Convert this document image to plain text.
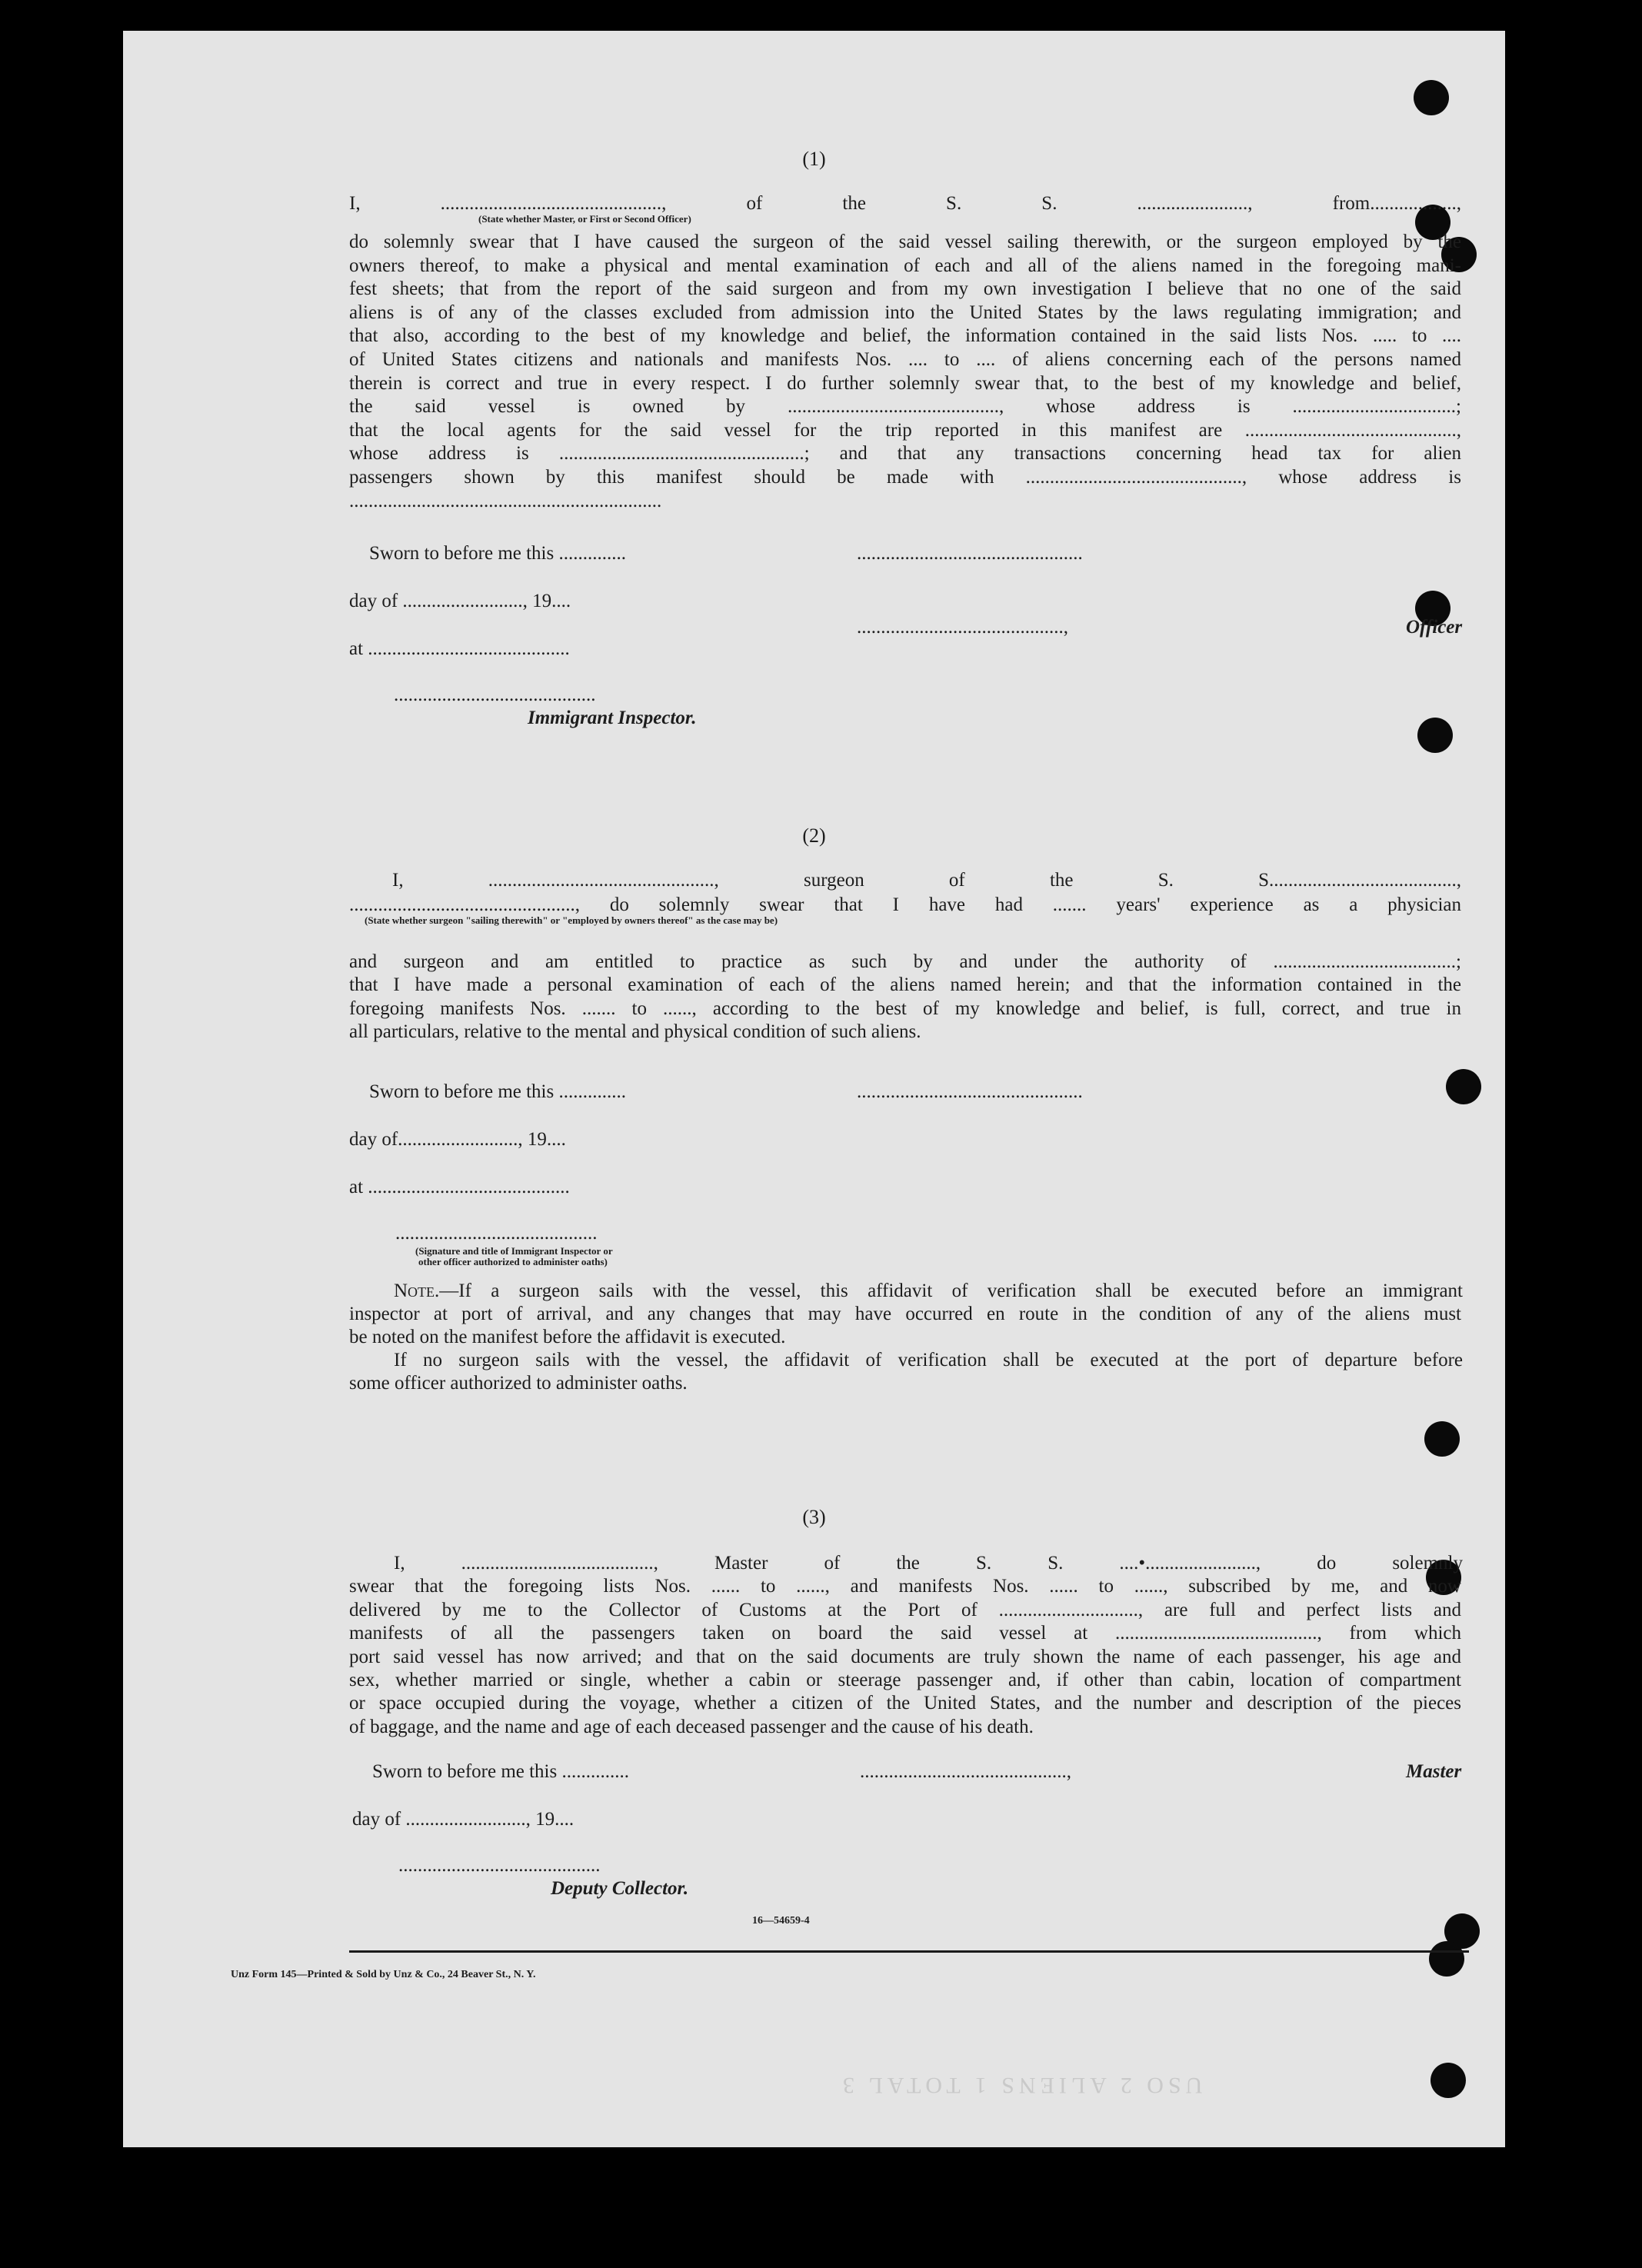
(1)
I, .............................................., of the S. S. ......................., from..................,
(State whether Master, or First or Second Officer)
do solemnly swear that I have caused the surgeon of the said vessel sailing therewith, or the surgeon employed by the
owners thereof, to make a physical and mental examination of each and all of the aliens named in the foregoing mani-
fest sheets; that from the report of the said surgeon and from my own investigation I believe that no one of the said
aliens is of any of the classes excluded from admission into the United States by the laws regulating immigration; and
that also, according to the best of my knowledge and belief, the information contained in the said lists Nos. ..... to ....
of United States citizens and nationals and manifests Nos. .... to .... of aliens concerning each of the persons named
therein is correct and true in every respect. I do further solemnly swear that, to the best of my knowledge and belief,
the said vessel is owned by ............................................, whose address is ..................................;
that the local agents for the said vessel for the trip reported in this manifest are ............................................,
whose address is ...................................................; and that any transactions concerning head tax for alien
passengers shown by this manifest should be made with ............................................., whose address is
.................................................................
Sworn to before me this ..............
day of ........................., 19....
at ..........................................
..........................................
Immigrant Inspector.
...............................................
...........................................,	Officer
(2)
I, ..............................................., surgeon of the S. S.......................................,
..............................................., do solemnly swear that I have had ....... years' experience as a physician
(State whether surgeon "sailing therewith" or "employed by owners thereof" as the case may be)
and surgeon and am entitled to practice as such by and under the authority of ......................................;
that I have made a personal examination of each of the aliens named herein; and that the information contained in the
foregoing manifests Nos. ....... to ......, according to the best of my knowledge and belief, is full, correct, and true in
all particulars, relative to the mental and physical condition of such aliens.
Sworn to before me this ..............
day of........................., 19....
at ..........................................
..........................................
(Signature and title of Immigrant Inspector or
other officer authorized to administer oaths)
...............................................
Note.—If a surgeon sails with the vessel, this affidavit of verification shall be executed before an immigrant
inspector at port of arrival, and any changes that may have occurred en route in the condition of any of the aliens must
be noted on the manifest before the affidavit is executed.
If no surgeon sails with the vessel, the affidavit of verification shall be executed at the port of departure before
some officer authorized to administer oaths.
(3)
I, ........................................, Master of the S. S. ....•......................., do solemnly
swear that the foregoing lists Nos. ...... to ......, and manifests Nos. ...... to ......, subscribed by me, and now
delivered by me to the Collector of Customs at the Port of ............................., are full and perfect lists and
manifests of all the passengers taken on board the said vessel at .........................................., from which
port said vessel has now arrived; and that on the said documents are truly shown the name of each passenger, his age and
sex, whether married or single, whether a cabin or steerage passenger and, if other than cabin, location of compartment
or space occupied during the voyage, whether a citizen of the United States, and the number and description of the pieces
of baggage, and the name and age of each deceased passenger and the cause of his death.
Sworn to before me this ..............
day of ........................., 19....
..........................................
Deputy Collector.
...........................................,	Master
16—54659-4
Unz Form 145—Printed & Sold by Unz & Co., 24 Beaver St., N. Y.
USO 2 ALIENS 1 TOTAL 3
